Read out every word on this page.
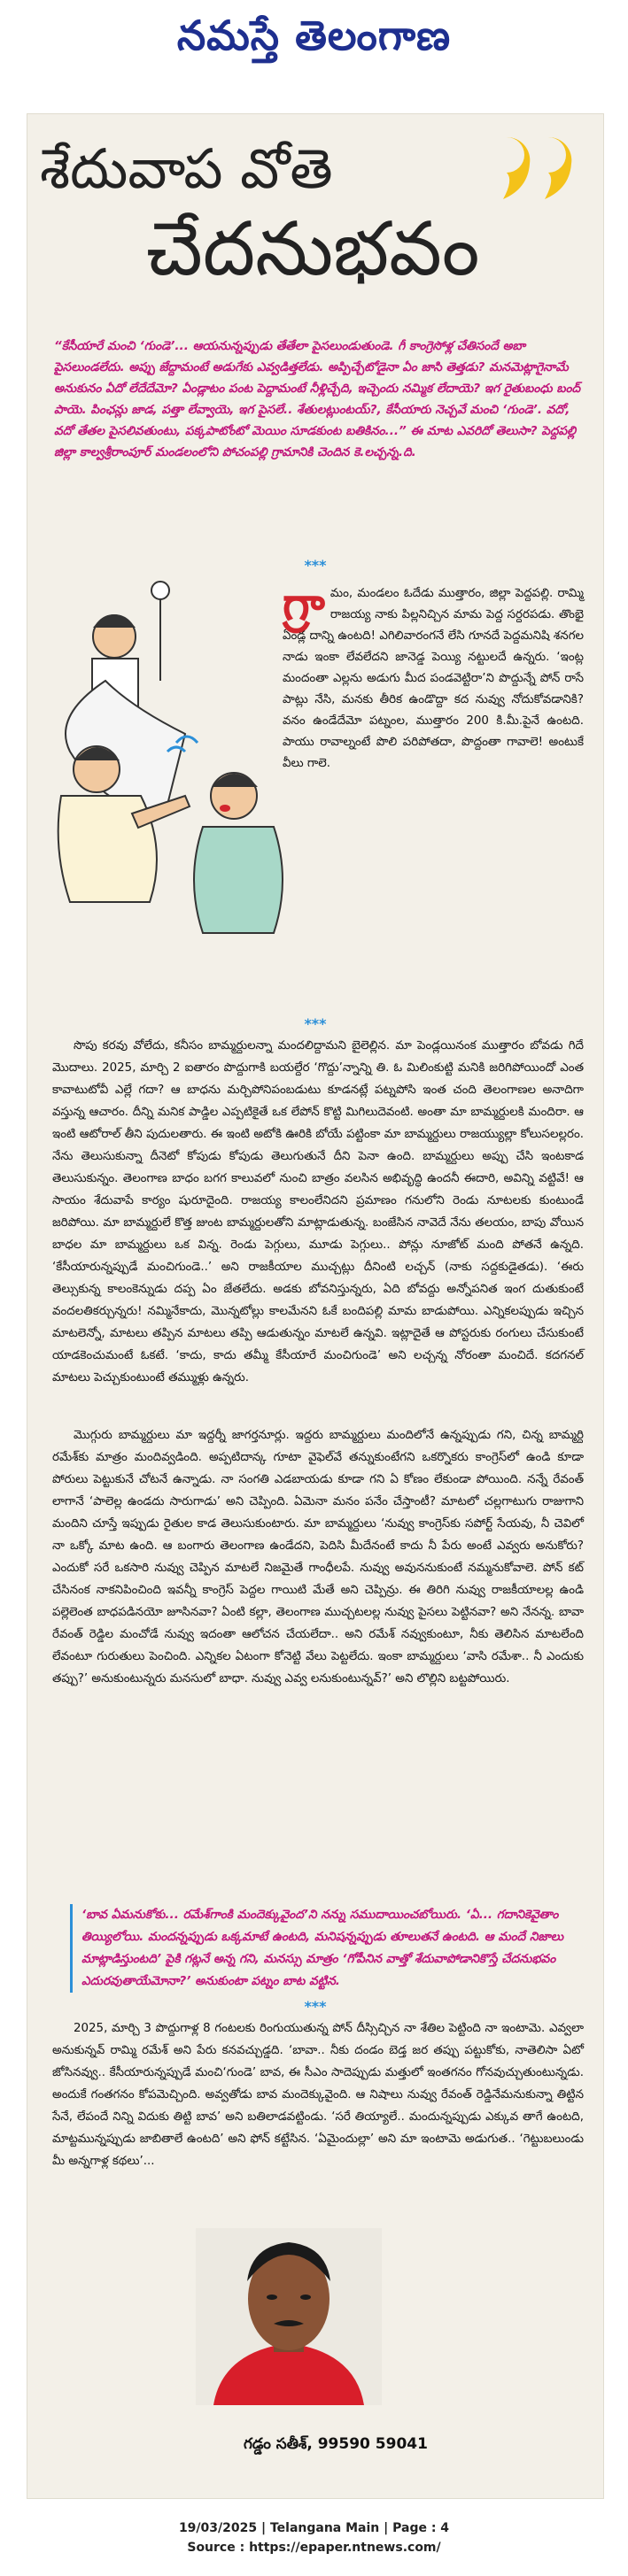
నమస్తే తెలంగాణ
శేదువాప వోతె
చేదనుభవం
“కేసీయారే మంచి ‘గుండె’... ఆయనున్నప్పుడు తేతేలా పైసలుండుతుండె. గీ కాంగ్రెసోళ్ల చేతిసందే అబా పైసలుండలేదు. అప్పు జేద్దామంటే అడుగేకు ఎవ్వడిత్తలేడు. అప్పిచ్చేటోడైనా ఏం జాసి తెత్తడు? మనమెట్లాగైనామే అనుకునం ఏదో లేదేదేమో? ఏండ్లాటం పంట పెద్దామంటే నీళ్లిచ్చేది, ఇచ్చెందు నమ్మిక లేదాయె? ఇగ రైతుబంధు బంద్ పాయె. పింఛన్లు జాడ, పత్తా లేవ్వాయె, ఇగ పైసలే.. శేతులట్లుంటయ్?, కేసీయారు నెచ్చవే మంచి ‘గుండె’. వదో, వదో తేతల పైసలివతుంటు, పక్కపాటోంటో మెయిం సూడకుంట బతికినం...” ఈ మాట ఎవరిదో తెలుసా? పెద్దపల్లి జిల్లా కాల్వశ్రీరాంపూర్ మండలంలోని పోచంపల్లి గ్రామానికి చెందిన కె.లచ్చన్న.ది.
***
గ్రా మం, మండలం ఓదేడు ముత్తారం, జిల్లా పెద్దపల్లి. రామ్మి రాజయ్య నాకు పిల్లనిచ్చిన మామ పెద్ద సర్దరపడు. తొంభై ఏండ్ల దాన్ని ఉంటది! ఎగిలివారంగనే లేసి గూనదే పెద్దమనిషి శనగల నాడు ఇంకా లేవలేదని జానెడ్డ పెయ్యి నట్టులదే ఉన్నరు. ‘ఇంట్ల మందంతా ఎల్లను అడుగు మీద పండవెట్టిరా’ని పొద్దున్నే పోన్ రాసే పాట్లు నేసి, మనకు తీరిక ఉండొద్దా కద నువ్వు నోదుకోవడానికి? వనం ఉండేదేమో పట్నంల, ముత్తారం 200 కి.మీ.పైనే ఉంటది. పాయు రావాల్నంటే పొలి పరిపోతదా, పొద్దంతా గావాలె! అంటుకే వీలు గాలె.
***
సొపు కరవు వోలేదు, కనీసం బామ్మర్దులన్నా మందలిద్దామని బైలెల్లిన. మా పెండ్లయినంక ముత్తారం బోవడు గిదే మొదాలు. 2025, మార్చి 2 ఐతారం పొద్దుగాకి బయల్దేర ‘గొద్దు’న్నాన్ని తి. ఓ మిలింకుట్టి మనికి జరిగిపోయిందో ఎంత కావాటుటోవీ ఎల్లే గదా? ఆ బాధను మర్చిపోనిపంబడుటు కూడనట్లే పట్నపోసి ఇంత చంది తెలంగాణల అనాదిగా వస్తున్న ఆచారం. దీన్ని మనిక పాడ్డిల ఎప్పటికైతే ఒక లేపోన్ కొట్టి మిగిలుదెవంటి. అంతా మా బామ్మర్దులకి మందిరా. ఆ ఇంటి ఆటోరాల్ తీని పుదులతారు. ఈ ఇంటి అటోకి ఊరికి బోయే పట్టింకా మా బామ్మర్దులు రాజయ్యుల్లా కోలుసలల్లరం. నేను తెలుసుకున్నా దీనెటో కోపుడు కోపుడు తెలుగుతునే దీని పెనా ఉంది. బామ్మర్దులు అప్పు చేసి ఇంటకాడ తెలుసుకున్నం. తెలంగాణ బాధం బగగ కాలువలో నుంచి బాత్రం వలసిన అభివృద్ధి ఉందనీ ఈదారి, అవిన్ని వట్టివే! ఆ సాయం శేదువాపే కార్యం షురూదైంది. రాజయ్య కాలంలేనిదని ప్రమాణం గనులోని రెండు నూటలకు కుంటుండే జరిపోయి. మా బామ్మర్దులే కొత్త జుంట బామ్మర్దులతోని మాట్లాడుతున్న. బంజేసిన నావెదే నేను తలయం, బాపు వోయిన బాధల మా బామ్మర్దులు ఒక విన్న. రెండు పెగ్గులు, మూడు పెగ్గులు.. పోన్లు నూజోట్ మంది పోతనే ఉన్నది. ‘కేసీయారున్నప్పుడే మంచిగుండె..’ అని రాజకీయాల ముచ్చట్లు దీనింటి లచ్చన్ (నాకు సద్దకుడైతడు). ‘ఈరు తెల్సుకున్న కాలంకెన్నుడు దప్ప ఏం జేతలేదు. అడకు బోవనిస్తున్నరు, ఏది బోవద్దు అన్నోపనిత ఇంగ దుతుకుంటే వందలతికర్చున్నరు! నమ్మినేకాదు, మొన్నటోల్లు కాలమేనని ఓకే బందిపల్లి మామ బాడుపోయి. ఎన్నికలప్పుడు ఇచ్చిన మాటలెన్నో, మాటలు తప్పిన మాటలు తప్పి ఆడుతున్నం మాటలే ఉన్నవి. ఇట్లాదైతే ఆ పోస్టరుకు రంగులు చేసుకుంటే యాడకెంచుమంటే ఓకటే. ‘కాదు, కాదు తమ్మీ కేసీయారే మంచిగుండె’ అని లచ్చన్న నోరంతా మంచిదే. కదగనల్ మాటలు పెచ్చుకుంటుంటే తమ్ముళ్లు ఉన్నరు.
మొగ్గురు బామ్మర్దులు మా ఇద్దర్నీ జాగర్తనూర్లు. ఇద్దరు బామ్మర్దులు మందిలోనే ఉన్నప్పుడు గని, చిన్న బామ్మర్ది రమేశ్‌కు మాత్రం మందివ్వడింది. అప్పటిదాన్క గూటా వైఫెల్‌వే తన్నుకుంటేగని ఒకర్నొకరు కాంగ్రెస్‌లో ఉండి కూడా పోరులు పెట్టుకునే చోటనే ఉన్నాడు. నా సంగతి ఎడబాయడు కూడా గని ఏ కోణం లేకుండా పోయింది. నన్నే రేవంత్ లాగానే ‘పాలెల్ల ఉండదు సారుగాడు’ అని చెప్పింది. ఏమెనా మనం పనేం చేస్తాంటీ? మాటలో చల్లగాటుగు రాజుగాని మందిని చూస్తే ఇప్పుడు రైతుల కాడ తెలుసుకుంటారు. మా బామ్మర్దులు ‘నువ్వు కాంగ్రెస్‌కు సపోర్ట్ సేయవు, నీ చెవిలో నా ఒక్కో మాట ఉంది. ఆ బంగారు తెలంగాణ ఉండేదని, పెదిసి మీదేనంటే కాదు నీ పేరు అంటే ఎవ్వరు అనుకోరు? ఎందుకో సరే ఒకసారి నువ్వు చెప్పిన మాటలే నిజమైతే గాంధీలపే. నువ్వు అవుననుకుంటే నమ్మనుకోవాలె. పోన్ కట్ చేసినంక నాకనిపించింది ఇవన్నీ కాంగ్రెస్ పెద్దల గాయిటి మేతే అని చెప్పిన్రు. ఈ తిరిగి నువ్వు రాజకీయాలల్ల ఉండి పల్లెలెంత బాధపడినయో జూసినవా? ఏంటి కల్లా, తెలంగాణ ముచ్చటలల్ల నువ్వు పైసలు పెట్టినవా? అని నేనన్న. బావా రేవంత్ రెడ్డిల మంచోడే నువ్వు ఇదంతా ఆలోచన చేయలేదా.. అని రమేశ్ నవ్వుకుంటూ, నీకు తెలిసిన మాటలేంది లేవంటూ గురుతులు పెంచింది. ఎన్నికల ఏటంగా కోనెట్టి వేలు పెట్టలేదు. ఇంకా బామ్మర్దులు ‘వాసి రమేశా.. నీ ఎందుకు తప్పు?’ అనుకుంటున్నరు మనసులో బాధా. నువ్వు ఎవ్వ లనుకుంటున్నవ్?’ అని లొల్లిని బట్టపోయిరు.
‘బావ ఏమనుకోకు... రమేశ్‌గాంకి మందెక్కువైంద’ని నన్ను సముదాయించబోయిరు. ‘ఏ... గదానికెవైతాం తియ్యిలోయి. మందన్నప్పుడు ఒక్కమాటే ఉంటది, మనిషన్నప్పుడు తూలుతనే ఉంటది. ఆ మందే నిజాలు మాట్లాడిస్తుంటది’ పైకి గట్లనే అన్న గని, మనస్సు మాత్రం ‘గోపీనిన వాత్తో శేదువాపోడానికొస్తే చేదనుభవం ఎదురవుతాయేమోనా?’ అనుకుంటా పట్నం బాట వట్టిన.
***
2025, మార్చి 3 పొద్దుగాళ్ల 8 గంటలకు రింగుయుతున్న పోన్ దీస్సిచ్చిన నా శేతిల పెట్టింది నా ఇంటామె. ఎవ్వలా అనుకున్నవ్ రామ్మి రమేశ్ అని పేరు కనవచ్చుడ్డది. ‘బావా.. నీకు దండం బెడ్త జర తప్పు పట్టుకోకు, నాతెలిసా ఏటో జోసినవ్వు.. కేసీయారున్నప్పుడే మంచి‘గుండె’ బావ, ఈ సీఎం సాదెప్పుడు మత్తులో ఇంతగనం గోనవుచ్చుతుంటున్నడు. అందుకే గంతగనం కోపమెచ్చింది. అవ్వతోడు బావ మందెక్కువైంది. ఆ నిషాలు నువ్వు రేవంత్ రెడ్డినేమనుకున్నా తిట్టిన సేనే, లేపందే నిన్ని విదుకు తిట్టి బావ’ అని బతిలాడవట్టిండు. ‘సరే తియ్యాలే.. మందున్నప్పుడు ఎక్కువ తాగే ఉంటది, మాట్టమున్నప్పుడు జాబితాలే ఉంటది’ అని ఫోన్ కట్టేసిన. ‘ఏమైందుల్లా’ అని మా ఇంటామె అడుగుత.. ‘గెట్టుబలుండు మీ అన్నగాళ్ల కథలు’...
గడ్డం సతీశ్, 99590 59041
19/03/2025 | Telangana Main | Page : 4
Source : https://epaper.ntnews.com/
